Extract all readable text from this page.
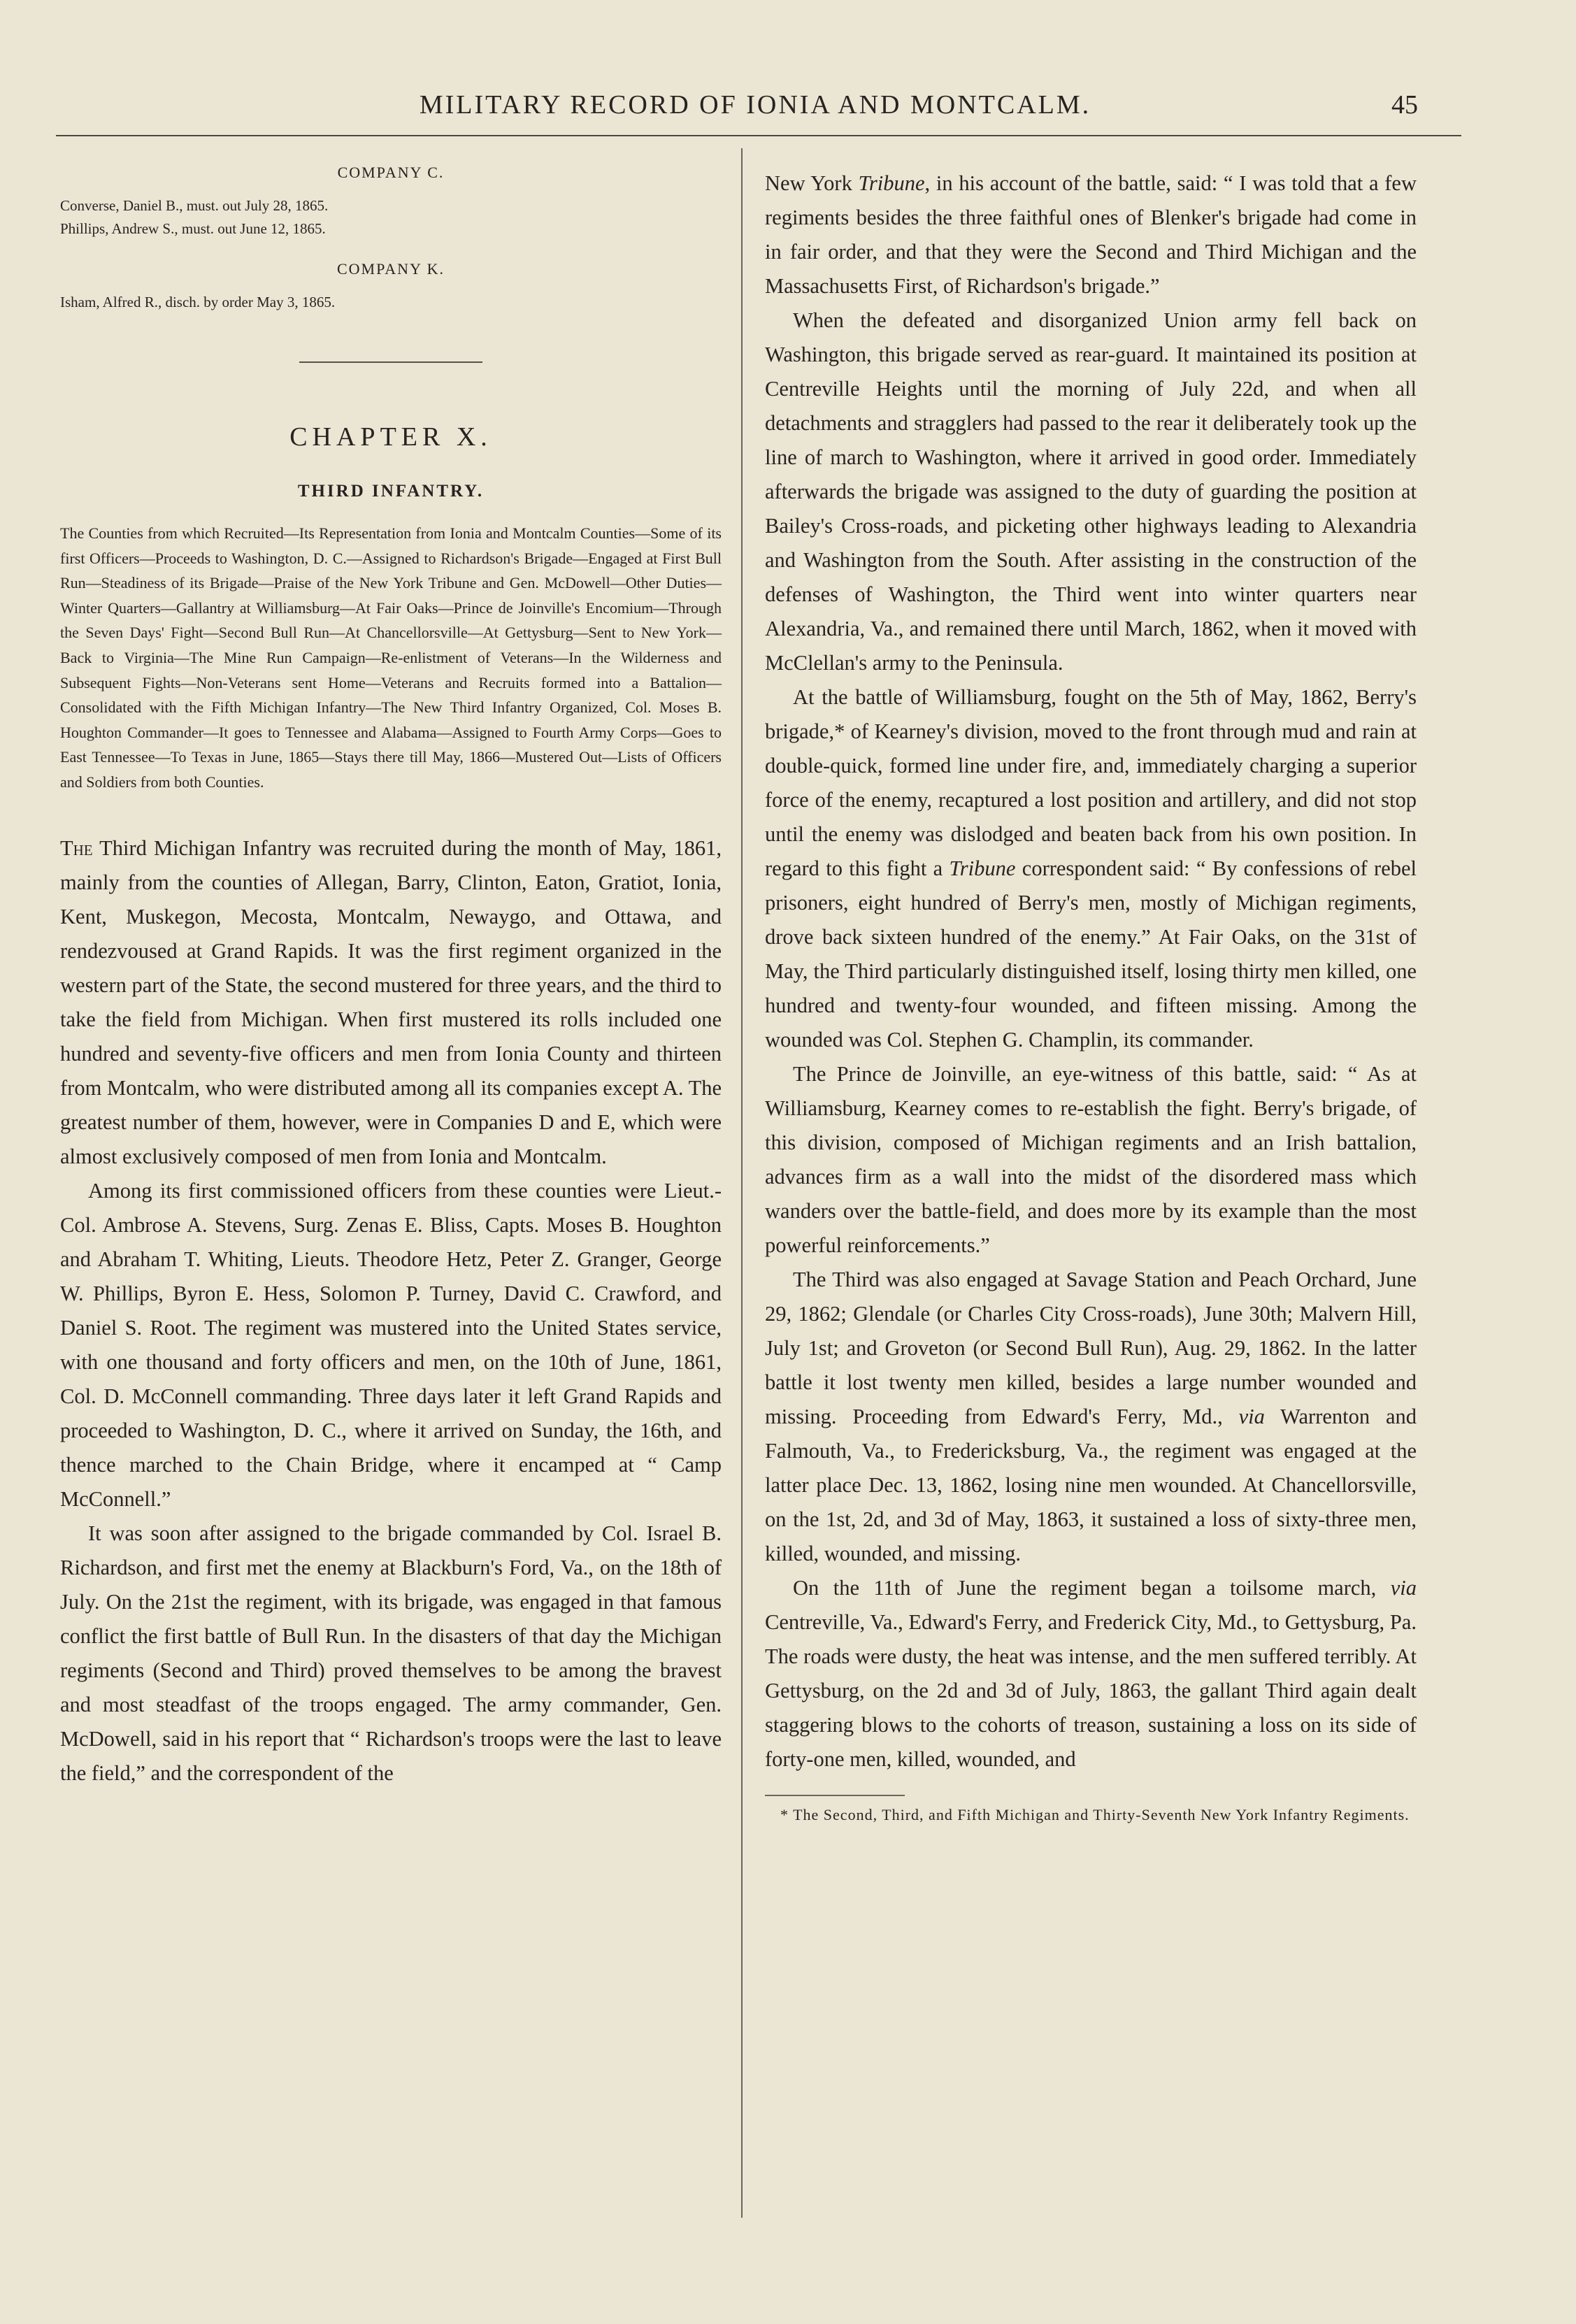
MILITARY RECORD OF IONIA AND MONTCALM.	45
COMPANY C.

Converse, Daniel B., must. out July 28, 1865.

Phillips, Andrew S., must. out June 12, 1865.

COMPANY K.

Isham, Alfred R., disch. by order May 3, 1865.

CHAPTER X.
THIRD INFANTRY.

The Counties from which Recruited—Its Representation from Ionia and Montcalm Counties—Some of its first Officers—Proceeds to Washington, D. C.—Assigned to Richardson's Brigade—Engaged at First Bull Run—Steadiness of its Brigade—Praise of the New York Tribune and Gen. McDowell—Other Duties—Winter Quarters—Gallantry at Williamsburg—At Fair Oaks—Prince de Joinville's Encomium—Through the Seven Days' Fight—Second Bull Run—At Chancellorsville—At Gettysburg—Sent to New York—Back to Virginia—The Mine Run Campaign—Re-enlistment of Veterans—In the Wilderness and Subsequent Fights—Non-Veterans sent Home—Veterans and Recruits formed into a Battalion—Consolidated with the Fifth Michigan Infantry—The New Third Infantry Organized, Col. Moses B. Houghton Commander—It goes to Tennessee and Alabama—Assigned to Fourth Army Corps—Goes to East Tennessee—To Texas in June, 1865—Stays there till May, 1866—Mustered Out—Lists of Officers and Soldiers from both Counties.

The Third Michigan Infantry was recruited during the month of May, 1861, mainly from the counties of Allegan, Barry, Clinton, Eaton, Gratiot, Ionia, Kent, Muskegon, Mecosta, Montcalm, Newaygo, and Ottawa, and rendezvoused at Grand Rapids. It was the first regiment organized in the western part of the State, the second mustered for three years, and the third to take the field from Michigan. When first mustered its rolls included one hundred and seventy-five officers and men from Ionia County and thirteen from Montcalm, who were distributed among all its companies except A. The greatest number of them, however, were in Companies D and E, which were almost exclusively composed of men from Ionia and Montcalm.

Among its first commissioned officers from these counties were Lieut.-Col. Ambrose A. Stevens, Surg. Zenas E. Bliss, Capts. Moses B. Houghton and Abraham T. Whiting, Lieuts. Theodore Hetz, Peter Z. Granger, George W. Phillips, Byron E. Hess, Solomon P. Turney, David C. Crawford, and Daniel S. Root. The regiment was mustered into the United States service, with one thousand and forty officers and men, on the 10th of June, 1861, Col. D. McConnell commanding. Three days later it left Grand Rapids and proceeded to Washington, D. C., where it arrived on Sunday, the 16th, and thence marched to the Chain Bridge, where it encamped at “ Camp McConnell.”

It was soon after assigned to the brigade commanded by Col. Israel B. Richardson, and first met the enemy at Blackburn's Ford, Va., on the 18th of July. On the 21st the regiment, with its brigade, was engaged in that famous conflict the first battle of Bull Run. In the disasters of that day the Michigan regiments (Second and Third) proved themselves to be among the bravest and most steadfast of the troops engaged. The army commander, Gen. McDowell, said in his report that “ Richardson's troops were the last to leave the field,” and the correspondent of the

New York Tribune, in his account of the battle, said: “ I was told that a few regiments besides the three faithful ones of Blenker's brigade had come in in fair order, and that they were the Second and Third Michigan and the Massachusetts First, of Richardson's brigade.”

When the defeated and disorganized Union army fell back on Washington, this brigade served as rear-guard. It maintained its position at Centreville Heights until the morning of July 22d, and when all detachments and stragglers had passed to the rear it deliberately took up the line of march to Washington, where it arrived in good order. Immediately afterwards the brigade was assigned to the duty of guarding the position at Bailey's Cross-roads, and picketing other highways leading to Alexandria and Washington from the South. After assisting in the construction of the defenses of Washington, the Third went into winter quarters near Alexandria, Va., and remained there until March, 1862, when it moved with McClellan's army to the Peninsula.

At the battle of Williamsburg, fought on the 5th of May, 1862, Berry's brigade,* of Kearney's division, moved to the front through mud and rain at double-quick, formed line under fire, and, immediately charging a superior force of the enemy, recaptured a lost position and artillery, and did not stop until the enemy was dislodged and beaten back from his own position. In regard to this fight a Tribune correspondent said: “ By confessions of rebel prisoners, eight hundred of Berry's men, mostly of Michigan regiments, drove back sixteen hundred of the enemy.” At Fair Oaks, on the 31st of May, the Third particularly distinguished itself, losing thirty men killed, one hundred and twenty-four wounded, and fifteen missing. Among the wounded was Col. Stephen G. Champlin, its commander.

The Prince de Joinville, an eye-witness of this battle, said: “ As at Williamsburg, Kearney comes to re-establish the fight. Berry's brigade, of this division, composed of Michigan regiments and an Irish battalion, advances firm as a wall into the midst of the disordered mass which wanders over the battle-field, and does more by its example than the most powerful reinforcements.”

The Third was also engaged at Savage Station and Peach Orchard, June 29, 1862; Glendale (or Charles City Cross-roads), June 30th; Malvern Hill, July 1st; and Groveton (or Second Bull Run), Aug. 29, 1862. In the latter battle it lost twenty men killed, besides a large number wounded and missing. Proceeding from Edward's Ferry, Md., via Warrenton and Falmouth, Va., to Fredericksburg, Va., the regiment was engaged at the latter place Dec. 13, 1862, losing nine men wounded. At Chancellorsville, on the 1st, 2d, and 3d of May, 1863, it sustained a loss of sixty-three men, killed, wounded, and missing.

On the 11th of June the regiment began a toilsome march, via Centreville, Va., Edward's Ferry, and Frederick City, Md., to Gettysburg, Pa. The roads were dusty, the heat was intense, and the men suffered terribly. At Gettysburg, on the 2d and 3d of July, 1863, the gallant Third again dealt staggering blows to the cohorts of treason, sustaining a loss on its side of forty-one men, killed, wounded, and

* The Second, Third, and Fifth Michigan and Thirty-Seventh New York Infantry Regiments.
